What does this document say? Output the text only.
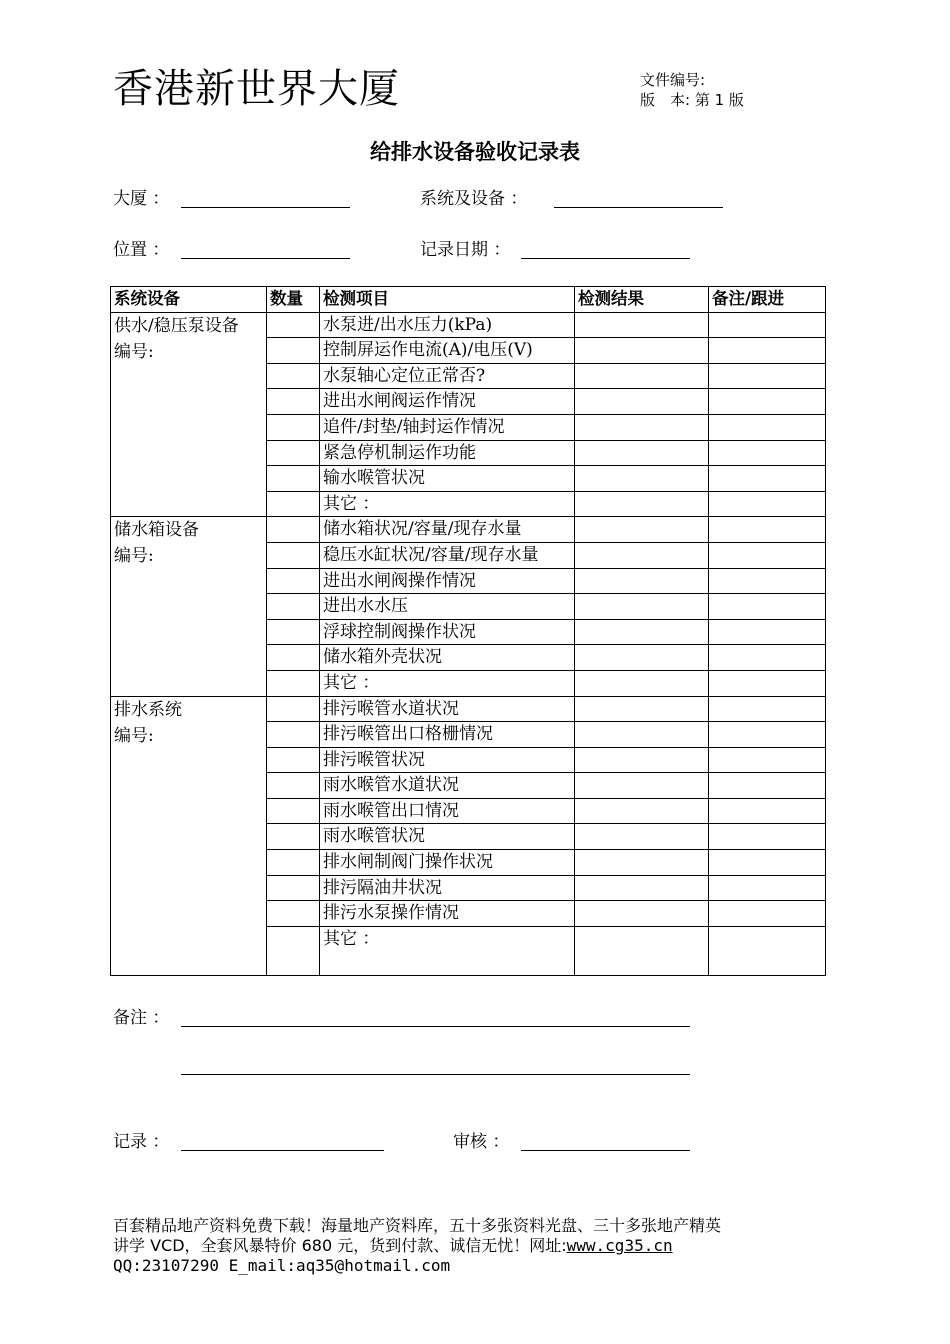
香港新世界大厦	文件编号:
版　本: 第 1 版
给排水设备验收记录表
大厦 ：	系统及设备 ：
位置 ：	记录日期 ：
系统设备	数量	检测项目	检测结果	备注/跟进

供水/稳压泵设备
编号:		水泵进/出水压力(kPa)		
		控制屏运作电流(A)/电压(V)		
		水泵轴心定位正常否?		
		进出水闸阀运作情况		
		追件/封垫/轴封运作情况		
		紧急停机制运作功能		
		输水喉管状况		
		其它 ：		

储水箱设备
编号:		储水箱状况/容量/现存水量		
		稳压水缸状况/容量/现存水量		
		进出水闸阀操作情况		
		进出水水压		
		浮球控制阀操作状况		
		储水箱外壳状况		
		其它 ：		

排水系统
编号:		排污喉管水道状况		
		排污喉管出口格栅情况		
		排污喉管状况		
		雨水喉管水道状况		
		雨水喉管出口情况		
		雨水喉管状况		
		排水闸制阀门操作状况		
		排污隔油井状况		
		排污水泵操作情况		
		其它 ：		
备注 ：
记录 ：	审核 ：
百套精品地产资料免费下载！海量地产资料库，五十多张资料光盘、三十多张地产精英
讲学 VCD，全套风暴特价 680 元，货到付款、诚信无忧！网址:www.cg35.cn
QQ:23107290 E_mail:aq35@hotmail.com
